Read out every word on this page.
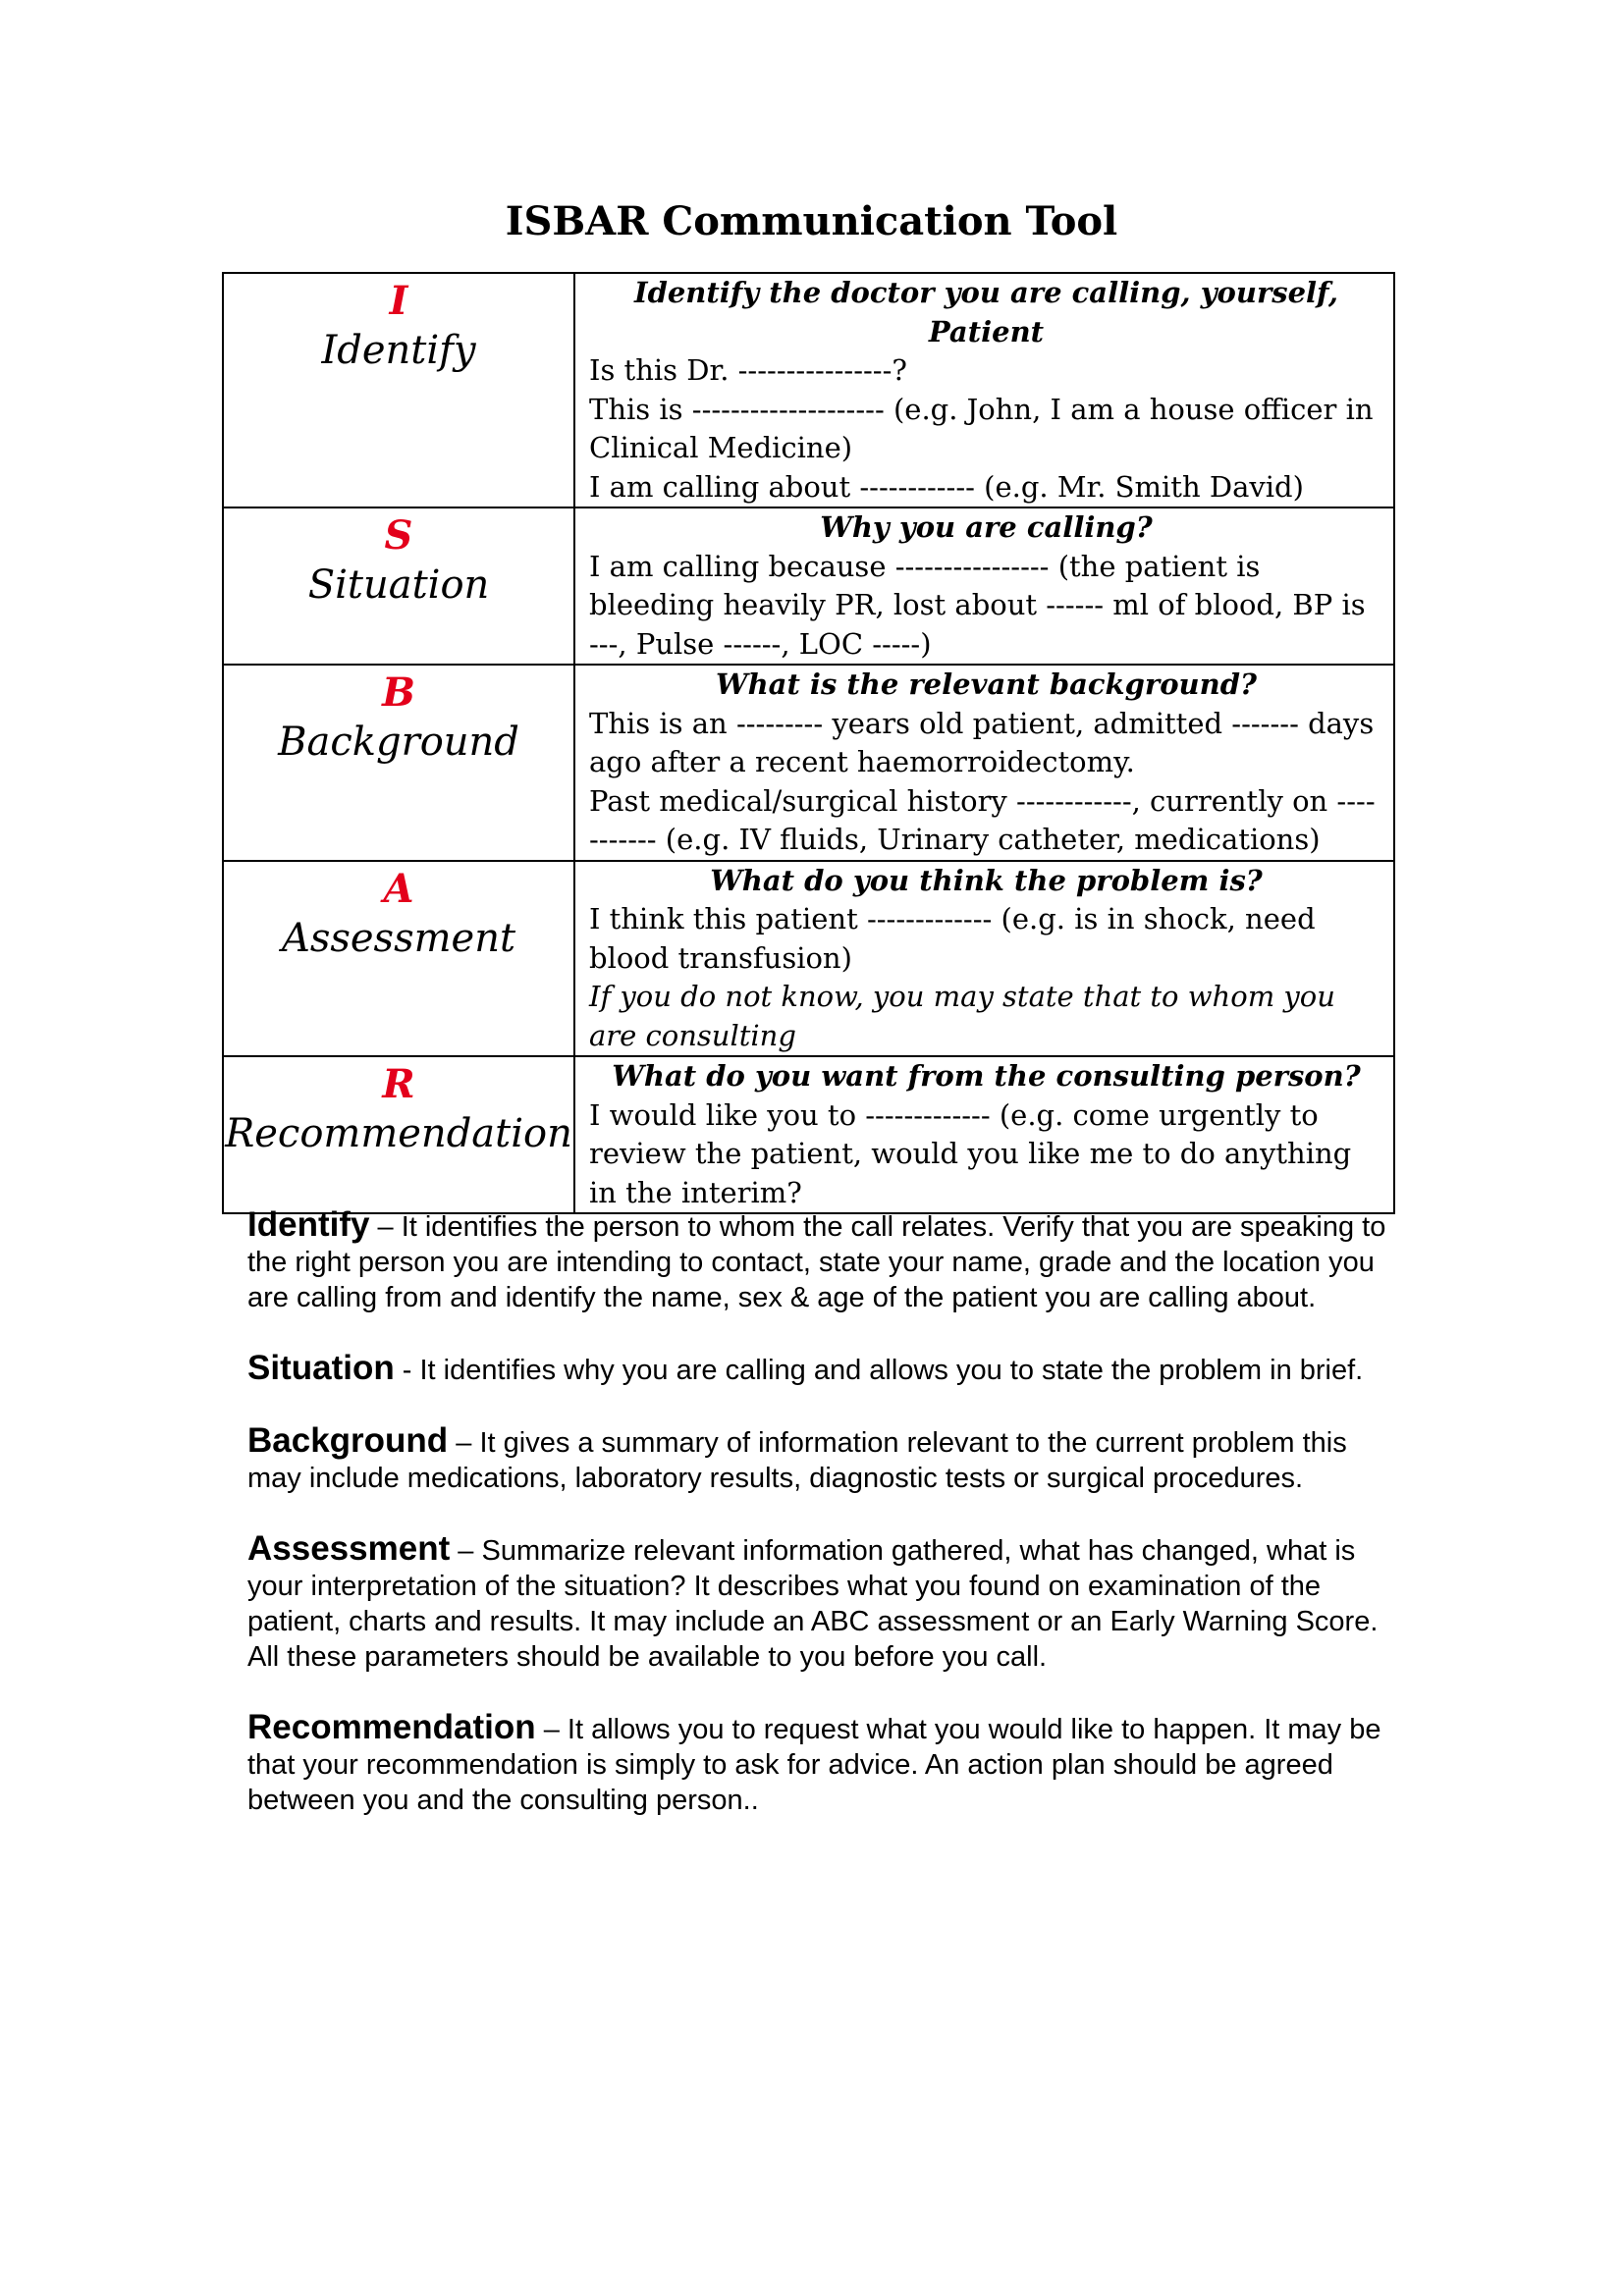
ISBAR Communication Tool
I
Identify	Identify the doctor you are calling, yourself, Patient
Is this Dr. ----------------?
This is -------------------- (e.g. John, I am a house officer in Clinical Medicine)
I am calling about ------------ (e.g. Mr. Smith David)

S
Situation	Why you are calling?
I am calling because ---------------- (the patient is bleeding heavily PR, lost about ------ ml of blood, BP is ---, Pulse ------, LOC -----)

B
Background	What is the relevant background?
This is an --------- years old patient, admitted ------- days ago after a recent haemorroidectomy.
Past medical/surgical history ------------, currently on ----------- (e.g. IV fluids, Urinary catheter, medications)

A
Assessment	What do you think the problem is?
I think this patient ------------- (e.g. is in shock, need blood transfusion)
If you do not know, you may state that to whom you are consulting

R
Recommendation	What do you want from the consulting person?
I would like you to ------------- (e.g. come urgently to review the patient, would you like me to do anything in the interim?

Identify – It identifies the person to whom the call relates. Verify that you are speaking to the right person you are intending to contact, state your name, grade and the location you are calling from and identify the name, sex & age of the patient you are calling about.

Situation - It identifies why you are calling and allows you to state the problem in brief.

Background – It gives a summary of information relevant to the current problem this may include medications, laboratory results, diagnostic tests or surgical procedures.

Assessment – Summarize relevant information gathered, what has changed, what is your interpretation of the situation? It describes what you found on examination of the patient, charts and results. It may include an ABC assessment or an Early Warning Score. All these parameters should be available to you before you call.

Recommendation – It allows you to request what you would like to happen. It may be that your recommendation is simply to ask for advice. An action plan should be agreed between you and the consulting person..
